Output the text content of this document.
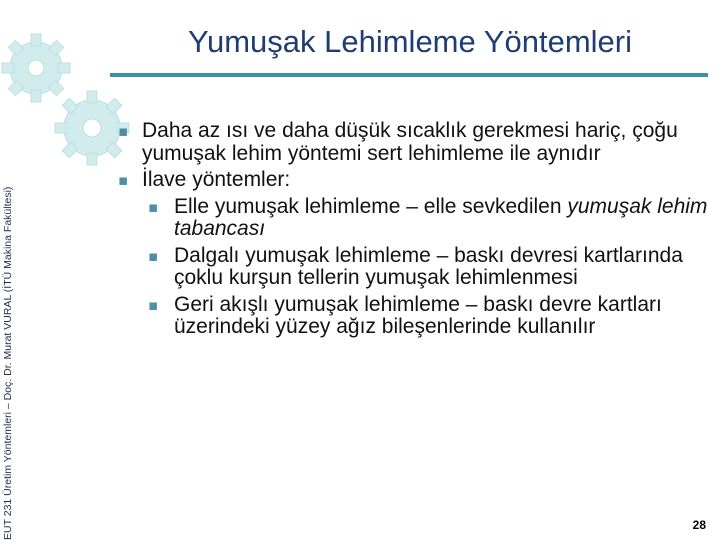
EUT 231 Üretim Yöntemleri – Doç. Dr. Murat VURAL (İTÜ Makina Fakültesi)
Yumuşak Lehimleme Yöntemleri
▪ Daha az ısı ve daha düşük sıcaklık gerekmesi hariç, çoğu yumuşak lehim yöntemi sert lehimleme ile aynıdır
▪ İlave yöntemler:
▪ Elle yumuşak lehimleme – elle sevkedilen yumuşak lehim tabancası
▪ Dalgalı yumuşak lehimleme – baskı devresi kartlarında çoklu kurşun tellerin yumuşak lehimlenmesi
▪ Geri akışlı yumuşak lehimleme – baskı devre kartları üzerindeki yüzey ağız bileşenlerinde kullanılır
28
